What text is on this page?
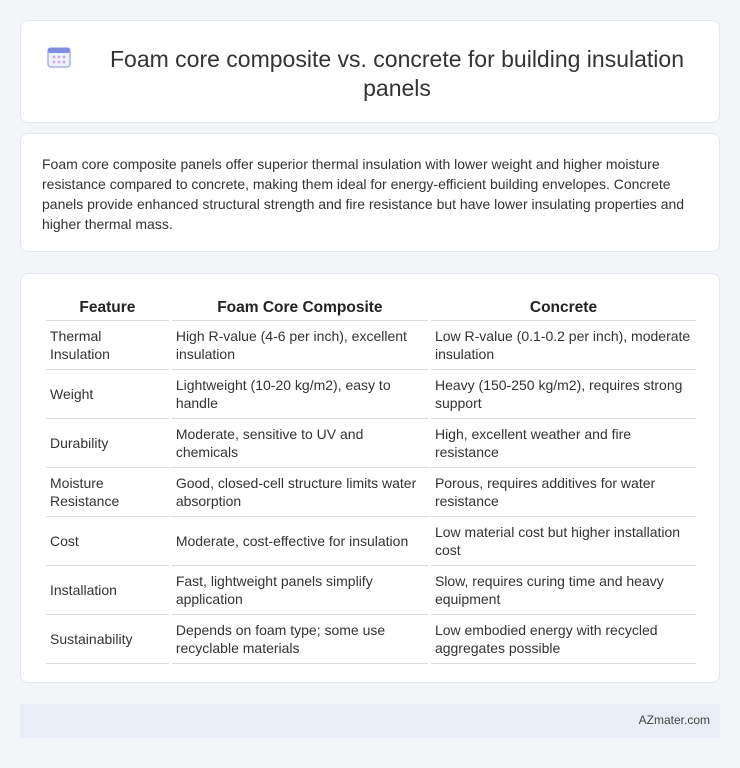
Foam core composite vs. concrete for building insulation panels

Foam core composite panels offer superior thermal insulation with lower weight and higher moisture resistance compared to concrete, making them ideal for energy-efficient building envelopes. Concrete panels provide enhanced structural strength and fire resistance but have lower insulating properties and higher thermal mass.

Feature	Foam Core Composite	Concrete
Thermal Insulation	High R-value (4-6 per inch), excellent insulation	Low R-value (0.1-0.2 per inch), moderate insulation
Weight	Lightweight (10-20 kg/m2), easy to handle	Heavy (150-250 kg/m2), requires strong support
Durability	Moderate, sensitive to UV and chemicals	High, excellent weather and fire resistance
Moisture Resistance	Good, closed-cell structure limits water absorption	Porous, requires additives for water resistance
Cost	Moderate, cost-effective for insulation	Low material cost but higher installation cost
Installation	Fast, lightweight panels simplify application	Slow, requires curing time and heavy equipment
Sustainability	Depends on foam type; some use recyclable materials	Low embodied energy with recycled aggregates possible
AZmater.com
